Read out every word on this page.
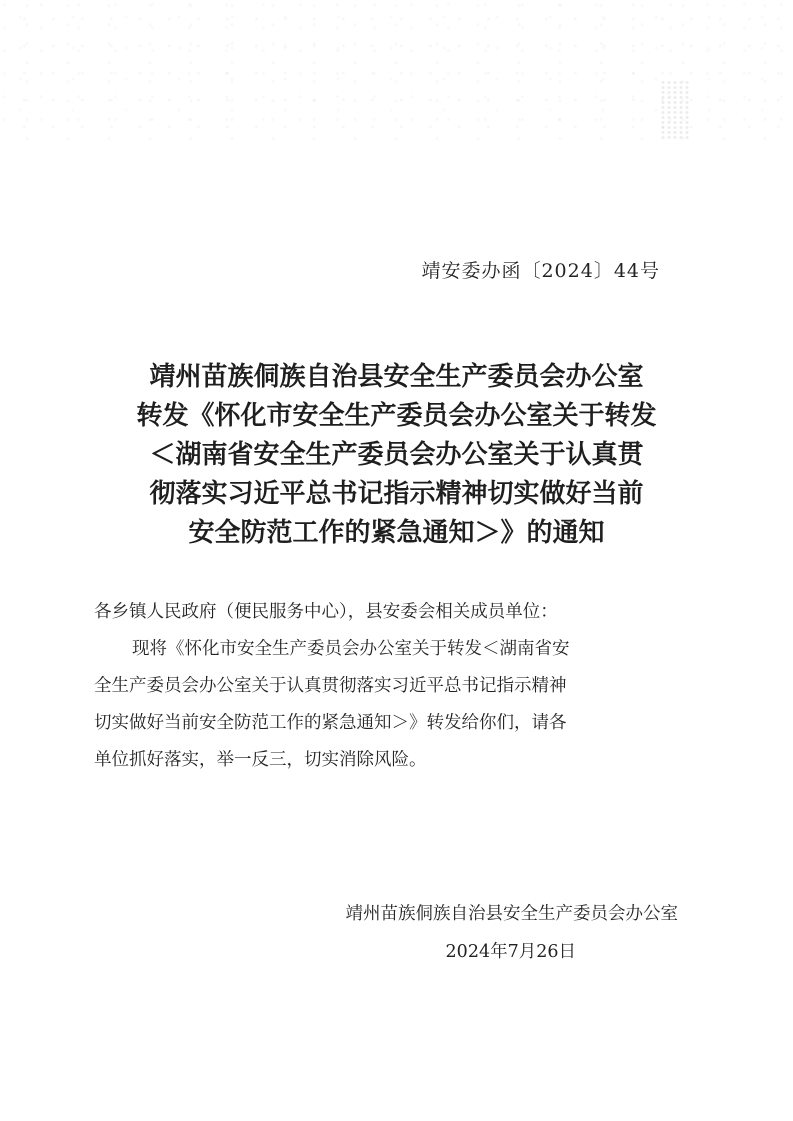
靖安委办函〔2024〕44号
靖州苗族侗族自治县安全生产委员会办公室
转发《怀化市安全生产委员会办公室关于转发
＜湖南省安全生产委员会办公室关于认真贯
彻落实习近平总书记指示精神切实做好当前
安全防范工作的紧急通知＞》的通知
各乡镇人民政府（便民服务中心），县安委会相关成员单位：
现将《怀化市安全生产委员会办公室关于转发＜湖南省安
全生产委员会办公室关于认真贯彻落实习近平总书记指示精神
切实做好当前安全防范工作的紧急通知＞》转发给你们，请各
单位抓好落实，举一反三，切实消除风险。
靖州苗族侗族自治县安全生产委员会办公室
2024年7月26日
